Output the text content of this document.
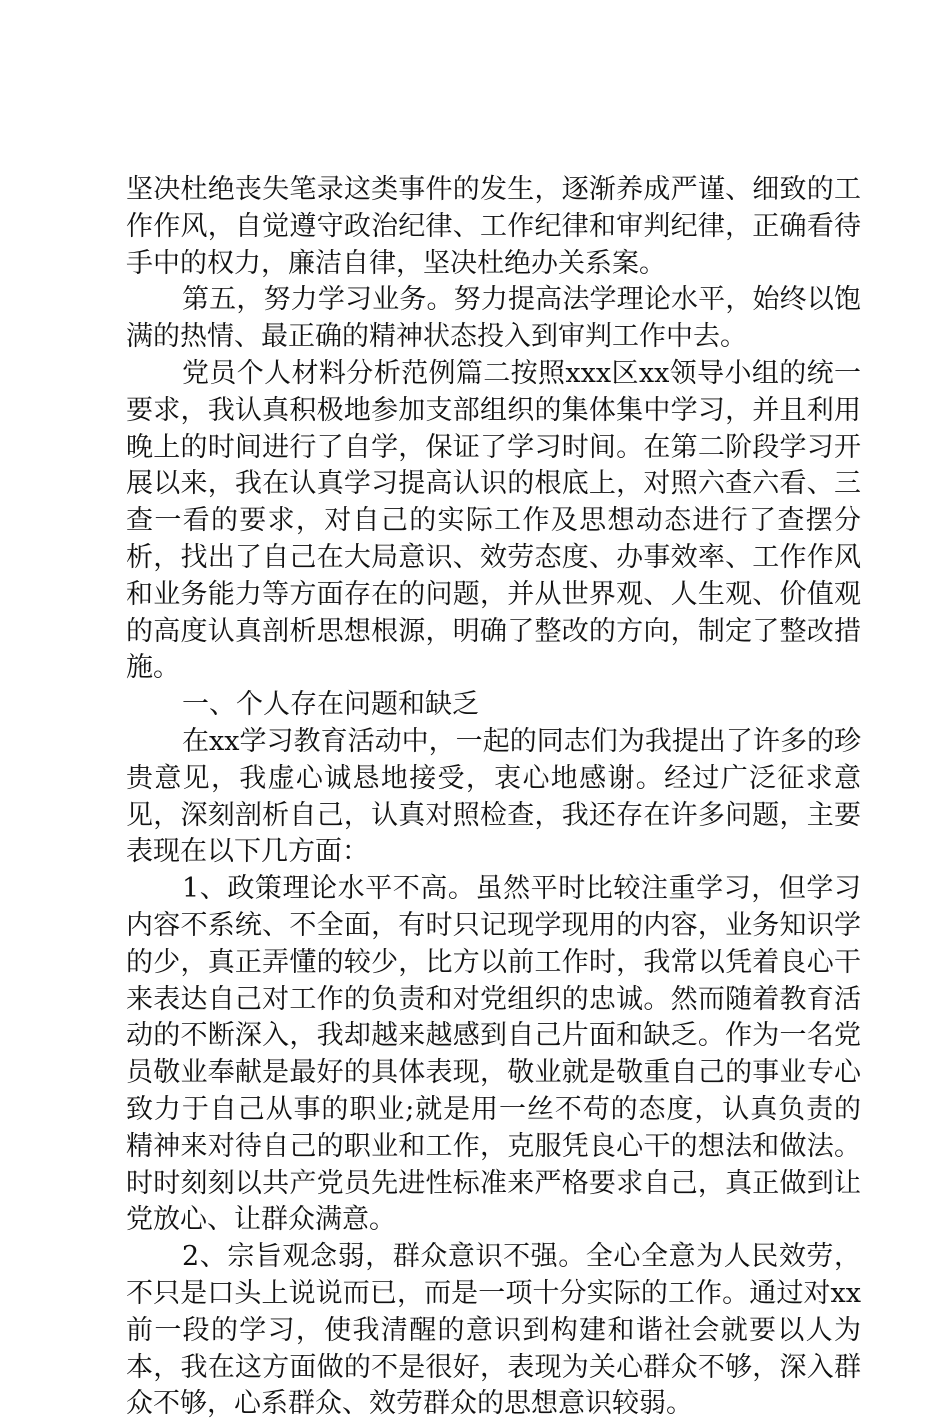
坚决杜绝丧失笔录这类事件的发生，逐渐养成严谨、细致的工作作风，自觉遵守政治纪律、工作纪律和审判纪律，正确看待手中的权力，廉洁自律，坚决杜绝办关系案。

第五，努力学习业务。努力提高法学理论水平，始终以饱满的热情、最正确的精神状态投入到审判工作中去。

党员个人材料分析范例篇二按照xxx区xx领导小组的统一要求，我认真积极地参加支部组织的集体集中学习，并且利用晚上的时间进行了自学，保证了学习时间。在第二阶段学习开展以来，我在认真学习提高认识的根底上，对照六查六看、三查一看的要求，对自己的实际工作及思想动态进行了查摆分析，找出了自己在大局意识、效劳态度、办事效率、工作作风和业务能力等方面存在的问题，并从世界观、人生观、价值观的高度认真剖析思想根源，明确了整改的方向，制定了整改措施。

一、个人存在问题和缺乏

在xx学习教育活动中，一起的同志们为我提出了许多的珍贵意见，我虚心诚恳地接受，衷心地感谢。经过广泛征求意见，深刻剖析自己，认真对照检查，我还存在许多问题，主要表现在以下几方面：

1、政策理论水平不高。虽然平时比较注重学习，但学习内容不系统、不全面，有时只记现学现用的内容，业务知识学的少，真正弄懂的较少，比方以前工作时，我常以凭着良心干来表达自己对工作的负责和对党组织的忠诚。然而随着教育活动的不断深入，我却越来越感到自己片面和缺乏。作为一名党员敬业奉献是最好的具体表现，敬业就是敬重自己的事业专心致力于自己从事的职业;就是用一丝不苟的态度，认真负责的精神来对待自己的职业和工作，克服凭良心干的想法和做法。时时刻刻以共产党员先进性标准来严格要求自己，真正做到让党放心、让群众满意。

2、宗旨观念弱，群众意识不强。全心全意为人民效劳，不只是口头上说说而已，而是一项十分实际的工作。通过对xx前一段的学习，使我清醒的意识到构建和谐社会就要以人为本，我在这方面做的不是很好，表现为关心群众不够，深入群众不够，心系群众、效劳群众的思想意识较弱。
